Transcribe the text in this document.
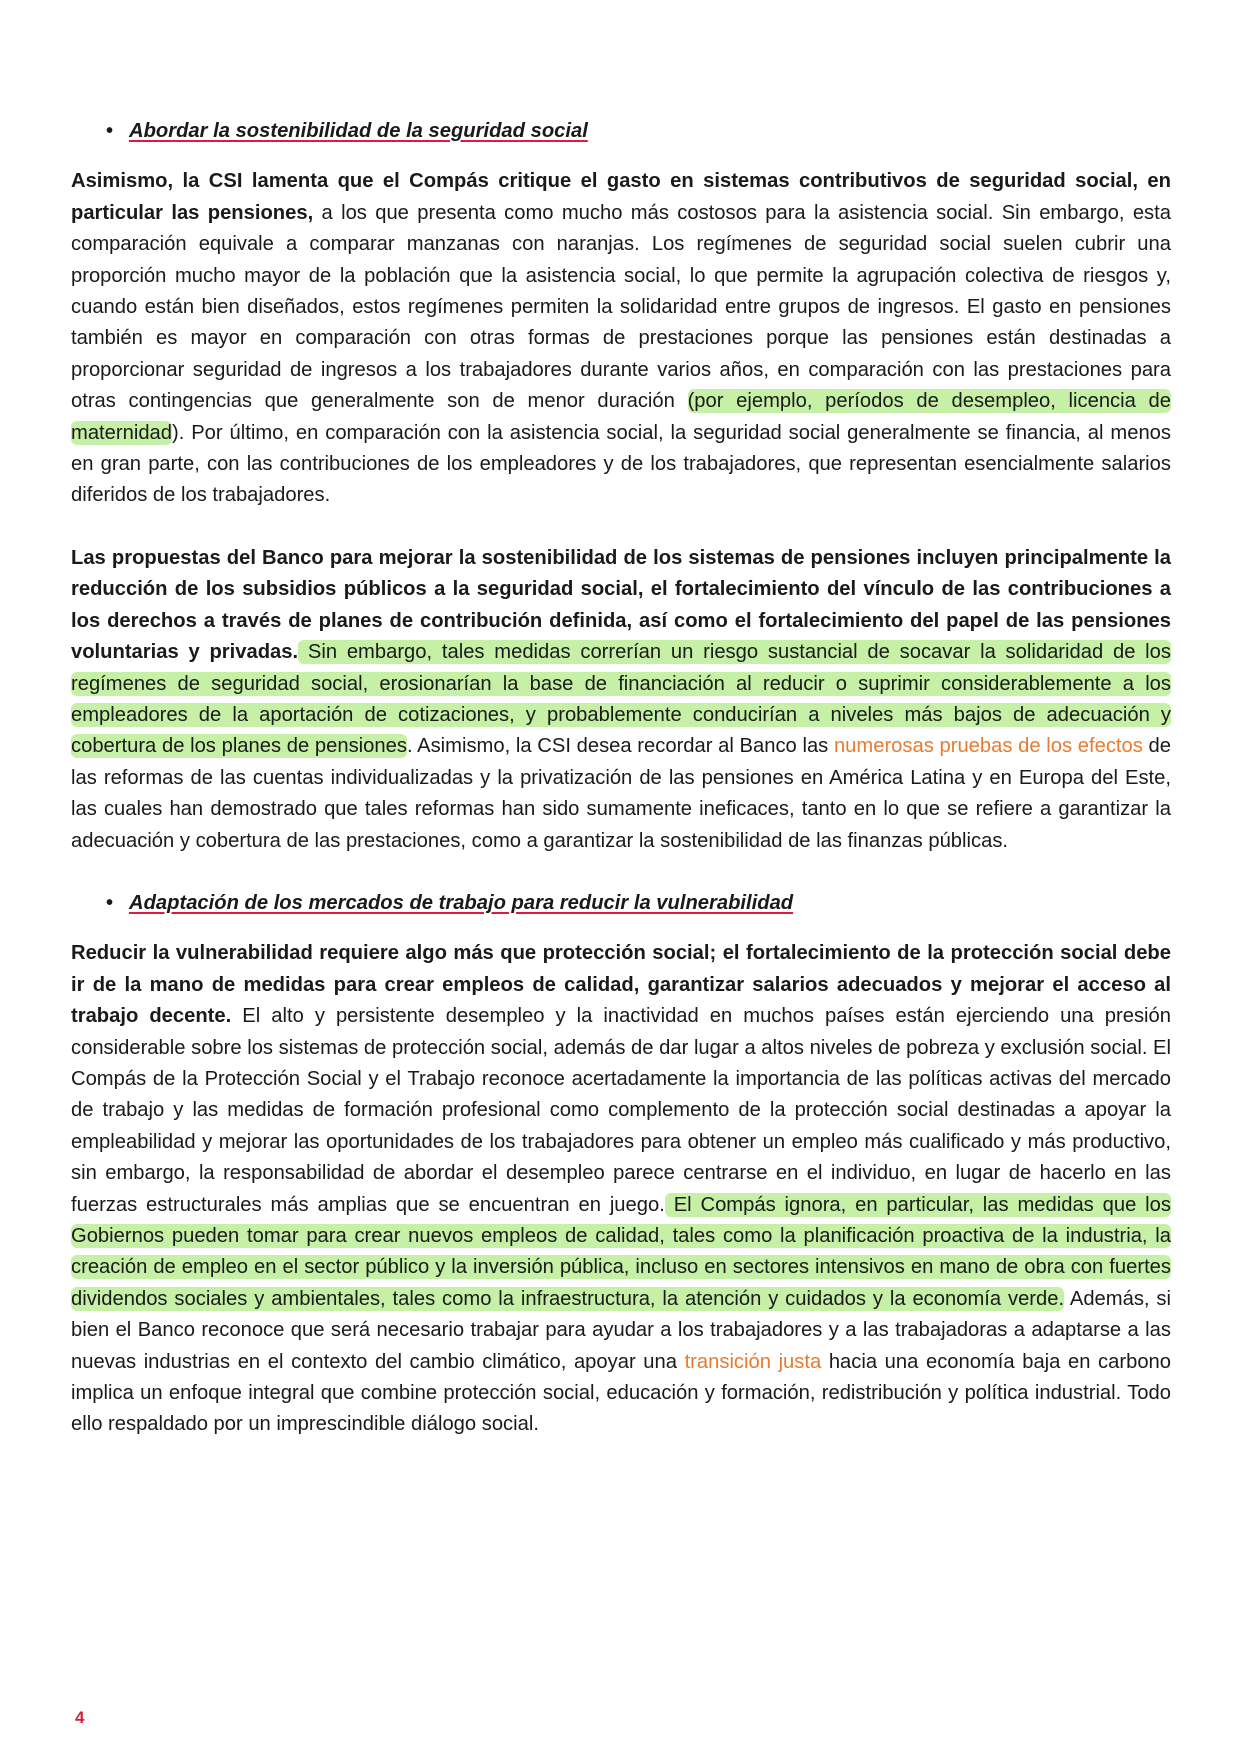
• Abordar la sostenibilidad de la seguridad social

Asimismo, la CSI lamenta que el Compás critique el gasto en sistemas contributivos de seguridad social, en particular las pensiones, a los que presenta como mucho más costosos para la asistencia social. Sin embargo, esta comparación equivale a comparar manzanas con naranjas. Los regímenes de seguridad social suelen cubrir una proporción mucho mayor de la población que la asistencia social, lo que permite la agrupación colectiva de riesgos y, cuando están bien diseñados, estos regímenes permiten la solidaridad entre grupos de ingresos. El gasto en pensiones también es mayor en comparación con otras formas de prestaciones porque las pensiones están destinadas a proporcionar seguridad de ingresos a los trabajadores durante varios años, en comparación con las prestaciones para otras contingencias que generalmente son de menor duración (por ejemplo, períodos de desempleo, licencia de maternidad). Por último, en comparación con la asistencia social, la seguridad social generalmente se financia, al menos en gran parte, con las contribuciones de los empleadores y de los trabajadores, que representan esencialmente salarios diferidos de los trabajadores.

Las propuestas del Banco para mejorar la sostenibilidad de los sistemas de pensiones incluyen principalmente la reducción de los subsidios públicos a la seguridad social, el fortalecimiento del vínculo de las contribuciones a los derechos a través de planes de contribución definida, así como el fortalecimiento del papel de las pensiones voluntarias y privadas. Sin embargo, tales medidas correrían un riesgo sustancial de socavar la solidaridad de los regímenes de seguridad social, erosionarían la base de financiación al reducir o suprimir considerablemente a los empleadores de la aportación de cotizaciones, y probablemente conducirían a niveles más bajos de adecuación y cobertura de los planes de pensiones. Asimismo, la CSI desea recordar al Banco las numerosas pruebas de los efectos de las reformas de las cuentas individualizadas y la privatización de las pensiones en América Latina y en Europa del Este, las cuales han demostrado que tales reformas han sido sumamente ineficaces, tanto en lo que se refiere a garantizar la adecuación y cobertura de las prestaciones, como a garantizar la sostenibilidad de las finanzas públicas.

• Adaptación de los mercados de trabajo para reducir la vulnerabilidad

Reducir la vulnerabilidad requiere algo más que protección social; el fortalecimiento de la protección social debe ir de la mano de medidas para crear empleos de calidad, garantizar salarios adecuados y mejorar el acceso al trabajo decente. El alto y persistente desempleo y la inactividad en muchos países están ejerciendo una presión considerable sobre los sistemas de protección social, además de dar lugar a altos niveles de pobreza y exclusión social. El Compás de la Protección Social y el Trabajo reconoce acertadamente la importancia de las políticas activas del mercado de trabajo y las medidas de formación profesional como complemento de la protección social destinadas a apoyar la empleabilidad y mejorar las oportunidades de los trabajadores para obtener un empleo más cualificado y más productivo, sin embargo, la responsabilidad de abordar el desempleo parece centrarse en el individuo, en lugar de hacerlo en las fuerzas estructurales más amplias que se encuentran en juego. El Compás ignora, en particular, las medidas que los Gobiernos pueden tomar para crear nuevos empleos de calidad, tales como la planificación proactiva de la industria, la creación de empleo en el sector público y la inversión pública, incluso en sectores intensivos en mano de obra con fuertes dividendos sociales y ambientales, tales como la infraestructura, la atención y cuidados y la economía verde. Además, si bien el Banco reconoce que será necesario trabajar para ayudar a los trabajadores y a las trabajadoras a adaptarse a las nuevas industrias en el contexto del cambio climático, apoyar una transición justa hacia una economía baja en carbono implica un enfoque integral que combine protección social, educación y formación, redistribución y política industrial. Todo ello respaldado por un imprescindible diálogo social.

4
